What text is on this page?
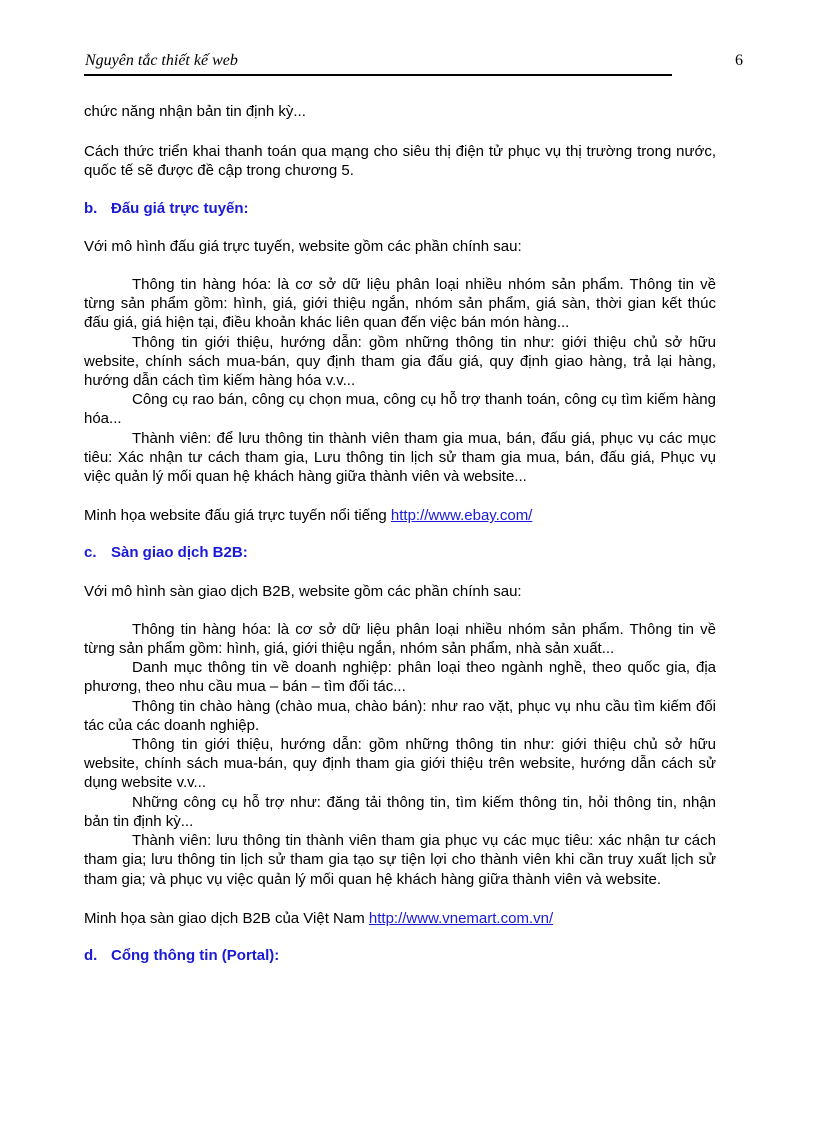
Nguyên tắc thiết kế web	6

chức năng nhận bản tin định kỳ...

Cách thức triển khai thanh toán qua mạng cho siêu thị điện tử phục vụ thị trường trong nước, quốc tế sẽ được đề cập trong chương 5.

b. Đấu giá trực tuyến:

Với mô hình đấu giá trực tuyến, website gồm các phần chính sau:

Thông tin hàng hóa: là cơ sở dữ liệu phân loại nhiều nhóm sản phẩm. Thông tin về từng sản phẩm gồm: hình, giá, giới thiệu ngắn, nhóm sản phẩm, giá sàn, thời gian kết thúc đấu giá, giá hiện tại, điều khoản khác liên quan đến việc bán món hàng...

Thông tin giới thiệu, hướng dẫn: gồm những thông tin như: giới thiệu chủ sở hữu website, chính sách mua-bán, quy định tham gia đấu giá, quy định giao hàng, trả lại hàng, hướng dẫn cách tìm kiếm hàng hóa v.v...

Công cụ rao bán, công cụ chọn mua, công cụ hỗ trợ thanh toán, công cụ tìm kiếm hàng hóa...

Thành viên: để lưu thông tin thành viên tham gia mua, bán, đấu giá, phục vụ các mục tiêu: Xác nhận tư cách tham gia, Lưu thông tin lịch sử tham gia mua, bán, đấu giá, Phục vụ việc quản lý mối quan hệ khách hàng giữa thành viên và website...

Minh họa website đấu giá trực tuyến nổi tiếng http://www.ebay.com/

c. Sàn giao dịch B2B:

Với mô hình sàn giao dịch B2B, website gồm các phần chính sau:

Thông tin hàng hóa: là cơ sở dữ liệu phân loại nhiều nhóm sản phẩm. Thông tin về từng sản phẩm gồm: hình, giá, giới thiệu ngắn, nhóm sản phẩm, nhà sản xuất...

Danh mục thông tin về doanh nghiệp: phân loại theo ngành nghề, theo quốc gia, địa phương, theo nhu cầu mua – bán – tìm đối tác...

Thông tin chào hàng (chào mua, chào bán): như rao vặt, phục vụ nhu cầu tìm kiếm đối tác của các doanh nghiệp.

Thông tin giới thiệu, hướng dẫn: gồm những thông tin như: giới thiệu chủ sở hữu website, chính sách mua-bán, quy định tham gia giới thiệu trên website, hướng dẫn cách sử dụng website v.v...

Những công cụ hỗ trợ như: đăng tải thông tin, tìm kiếm thông tin, hỏi thông tin, nhận bản tin định kỳ...

Thành viên: lưu thông tin thành viên tham gia phục vụ các mục tiêu: xác nhận tư cách tham gia; lưu thông tin lịch sử tham gia tạo sự tiện lợi cho thành viên khi cần truy xuất lịch sử tham gia; và phục vụ việc quản lý mối quan hệ khách hàng giữa thành viên và website.

Minh họa sàn giao dịch B2B của Việt Nam http://www.vnemart.com.vn/

d. Cổng thông tin (Portal):
